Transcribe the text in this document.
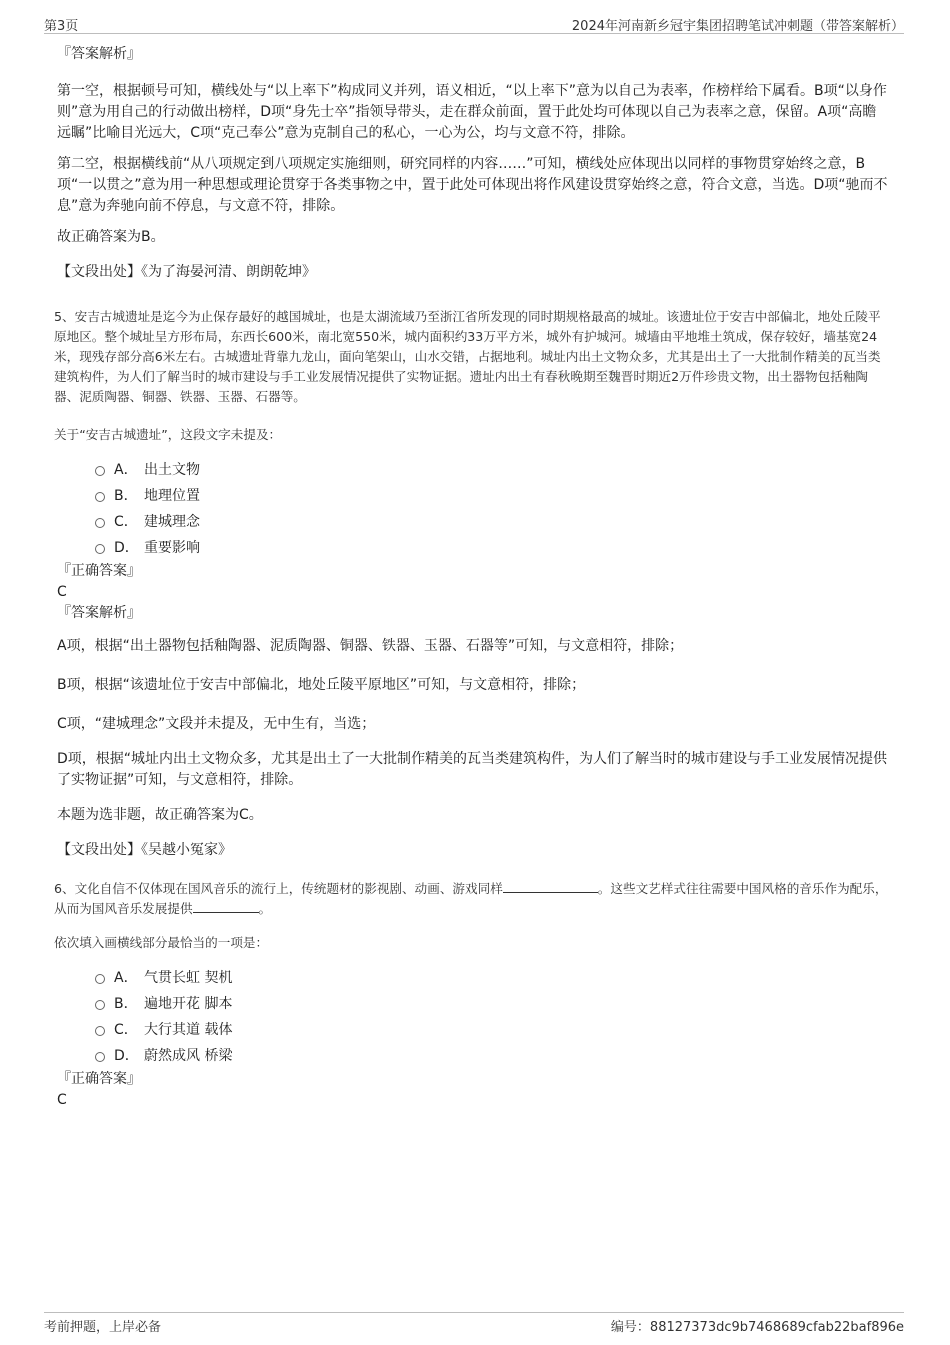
第3页	2024年河南新乡冠宇集团招聘笔试冲刺题（带答案解析）

『答案解析』

第一空，根据顿号可知，横线处与“以上率下”构成同义并列，语义相近，“以上率下”意为以自己为表率，作榜样给下属看。B项“以身作则”意为用自己的行动做出榜样，D项“身先士卒”指领导带头，走在群众前面，置于此处均可体现以自己为表率之意，保留。A项“高瞻远瞩”比喻目光远大，C项“克己奉公”意为克制自己的私心，一心为公，均与文意不符，排除。

第二空，根据横线前“从八项规定到八项规定实施细则，研究同样的内容……”可知，横线处应体现出以同样的事物贯穿始终之意，B项“一以贯之”意为用一种思想或理论贯穿于各类事物之中，置于此处可体现出将作风建设贯穿始终之意，符合文意，当选。D项“驰而不息”意为奔驰向前不停息，与文意不符，排除。

故正确答案为B。

【文段出处】《为了海晏河清、朗朗乾坤》

5、安吉古城遗址是迄今为止保存最好的越国城址，也是太湖流域乃至浙江省所发现的同时期规格最高的城址。该遗址位于安吉中部偏北，地处丘陵平原地区。整个城址呈方形布局，东西长600米，南北宽550米，城内面积约33万平方米，城外有护城河。城墙由平地堆土筑成，保存较好，墙基宽24米，现残存部分高6米左右。古城遗址背靠九龙山，面向笔架山，山水交错，占据地利。城址内出土文物众多，尤其是出土了一大批制作精美的瓦当类建筑构件，为人们了解当时的城市建设与手工业发展情况提供了实物证据。遗址内出土有春秋晚期至魏晋时期近2万件珍贵文物，出土器物包括釉陶器、泥质陶器、铜器、铁器、玉器、石器等。

关于“安吉古城遗址”，这段文字未提及：

A． 出土文物
B． 地理位置
C． 建城理念
D． 重要影响

『正确答案』

C

『答案解析』

A项，根据“出土器物包括釉陶器、泥质陶器、铜器、铁器、玉器、石器等”可知，与文意相符，排除；

B项，根据“该遗址位于安吉中部偏北，地处丘陵平原地区”可知，与文意相符，排除；

C项，“建城理念”文段并未提及，无中生有，当选；

D项，根据“城址内出土文物众多，尤其是出土了一大批制作精美的瓦当类建筑构件，为人们了解当时的城市建设与手工业发展情况提供了实物证据”可知，与文意相符，排除。

本题为选非题，故正确答案为C。

【文段出处】《吴越小冤家》

6、文化自信不仅体现在国风音乐的流行上，传统题材的影视剧、动画、游戏同样	。这些文艺样式往往需要中国风格的音乐作为配乐，从而为国风音乐发展提供	。

依次填入画横线部分最恰当的一项是：

A． 气贯长虹 契机
B． 遍地开花 脚本
C． 大行其道 载体
D． 蔚然成风 桥梁

『正确答案』

C

考前押题，上岸必备	编号：88127373dc9b7468689cfab22baf896e
